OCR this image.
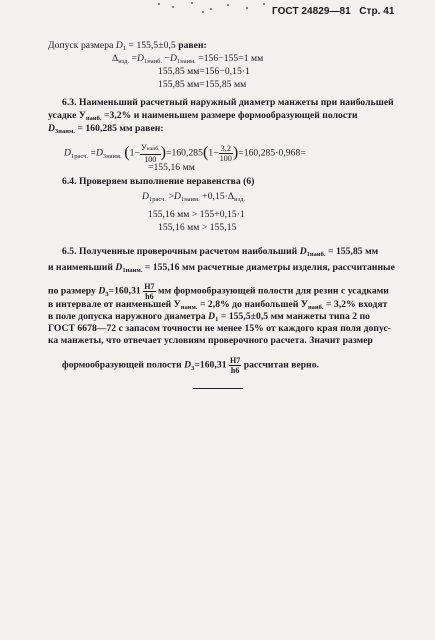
ГОСТ 24829—81 Стр. 41
Допуск размера $D_1 = 155,5\pm 0,5$ равен:
$\Delta_{изд.} =D_{1наиб.} -D_{1наим.} =156-155=1$ мм
155,85 мм=156−0,15·1
155,85 мм=155,85 мм
6.3. Наименьший расчетный наружный диаметр манжеты при наибольшей
усадке $У_{наиб.} =3,2\%$ и наименьшем размере формообразующей полости
$D_{3наим.} = 160,285$ мм равен:
$D_{1расч.} =D_{3наим.}$ $(1- \frac{\text{Унаиб.}}{100} )=160,285(1- \frac{3,2}{100} )=160,285\cdot 0,968=$
=155,16 мм
6.4. Проверяем выполнение неравенства (6)
$D_{1расч.} >D_{1наим.} +0,15\cdot\Delta_{изд.}$
155,16 мм > 155+0,15·1
155,16 мм > 155,15
6.5. Полученные проверочным расчетом наибольший $D_{1наиб.} = 155,85$ мм
и наименьший $D_{1наим.} = 155,16$ мм расчетные диаметры изделия, рассчитанные
по размеру $D_3=160,31 \frac{H7}{h6}$ мм формообразующей полости для резин с усадками
в интервале от наименьшей $У_{наим.} = 2,8\%$ до наибольшей $У_{наиб.} = 3,2\%$ входят
в поле допуска наружного диаметра $D_1 = 155,5\pm 0,5$ мм манжеты типа 2 по
ГОСТ 6678—72 с запасом точности не менее 15% от каждого края поля допус-
ка манжеты, что отвечает условиям проверочного расчета. Значит размер
формообразующей полости $D_3=160,31 \frac{H7}{h6}$ рассчитан верно.
